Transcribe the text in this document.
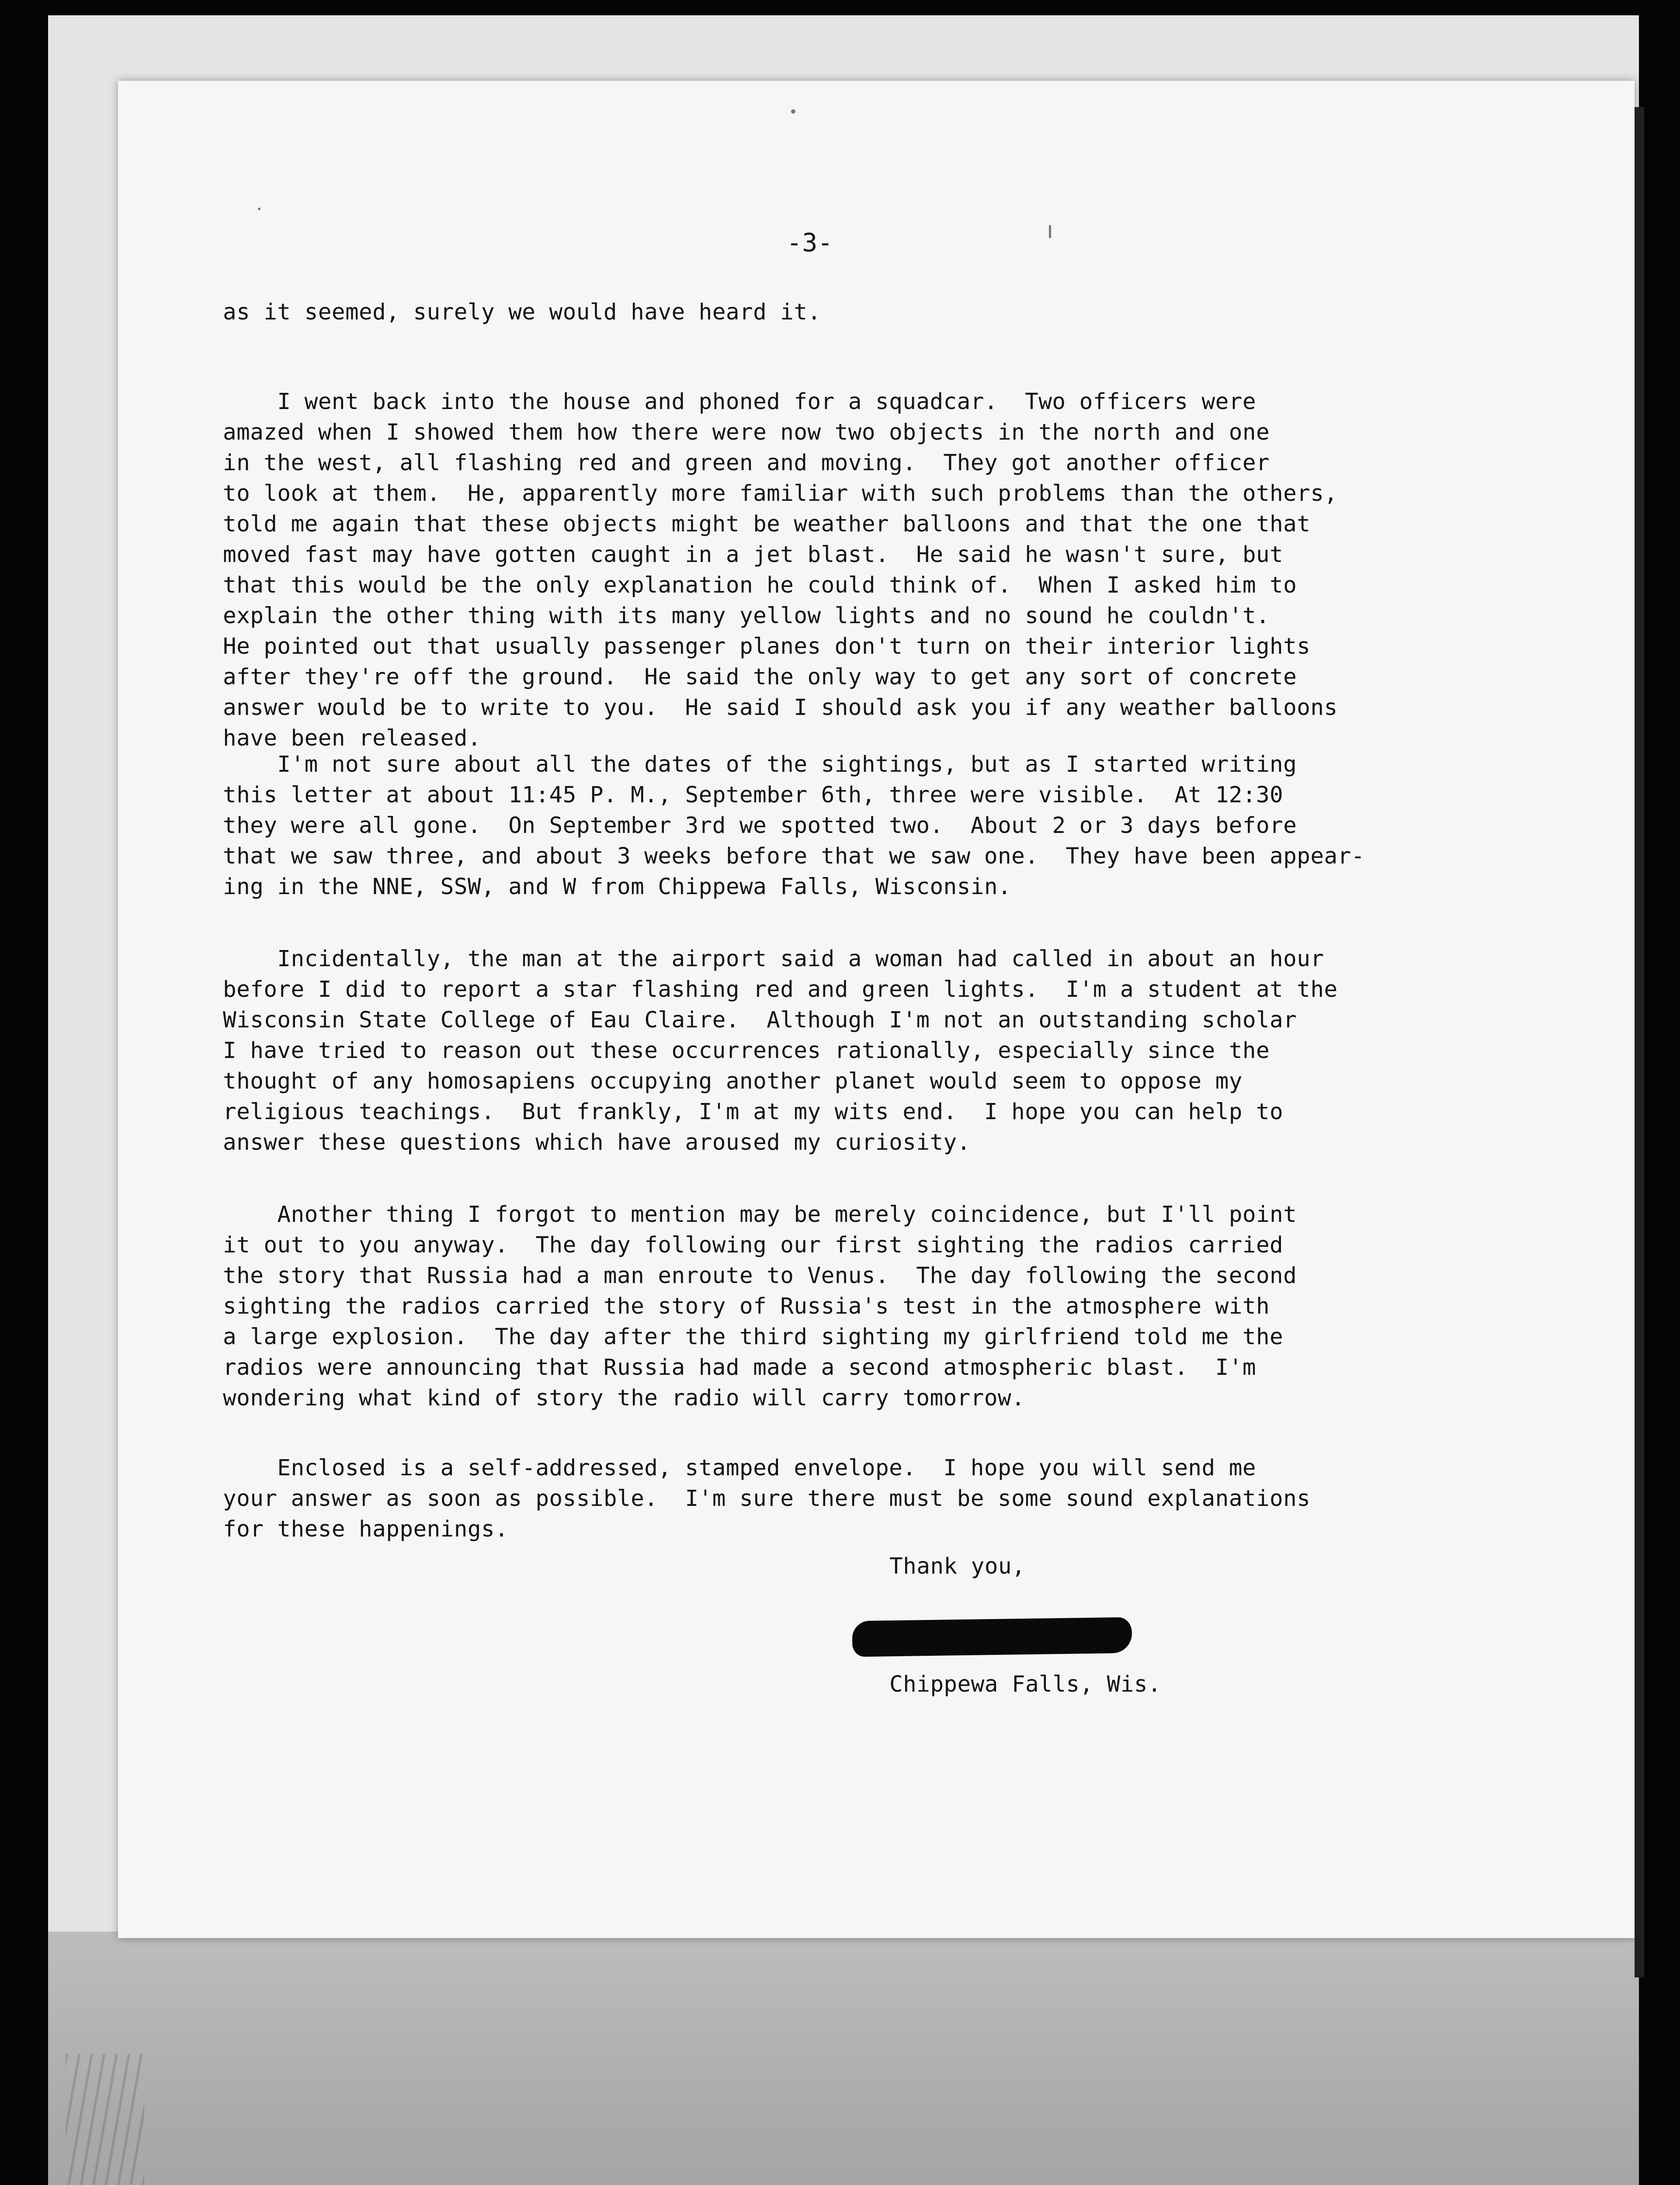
-3-

as it seemed, surely we would have heard it.

I went back into the house and phoned for a squadcar.  Two officers were
amazed when I showed them how there were now two objects in the north and one
in the west, all flashing red and green and moving.  They got another officer
to look at them.  He, apparently more familiar with such problems than the others,
told me again that these objects might be weather balloons and that the one that
moved fast may have gotten caught in a jet blast.  He said he wasn't sure, but
that this would be the only explanation he could think of.  When I asked him to
explain the other thing with its many yellow lights and no sound he couldn't.
He pointed out that usually passenger planes don't turn on their interior lights
after they're off the ground.  He said the only way to get any sort of concrete
answer would be to write to you.  He said I should ask you if any weather balloons
have been released.

I'm not sure about all the dates of the sightings, but as I started writing
this letter at about 11:45 P. M., September 6th, three were visible.  At 12:30
they were all gone.  On September 3rd we spotted two.  About 2 or 3 days before
that we saw three, and about 3 weeks before that we saw one.  They have been appear-
ing in the NNE, SSW, and W from Chippewa Falls, Wisconsin.

Incidentally, the man at the airport said a woman had called in about an hour
before I did to report a star flashing red and green lights.  I'm a student at the
Wisconsin State College of Eau Claire.  Although I'm not an outstanding scholar
I have tried to reason out these occurrences rationally, especially since the
thought of any homosapiens occupying another planet would seem to oppose my
religious teachings.  But frankly, I'm at my wits end.  I hope you can help to
answer these questions which have aroused my curiosity.

Another thing I forgot to mention may be merely coincidence, but I'll point
it out to you anyway.  The day following our first sighting the radios carried
the story that Russia had a man enroute to Venus.  The day following the second
sighting the radios carried the story of Russia's test in the atmosphere with
a large explosion.  The day after the third sighting my girlfriend told me the
radios were announcing that Russia had made a second atmospheric blast.  I'm
wondering what kind of story the radio will carry tomorrow.

Enclosed is a self-addressed, stamped envelope.  I hope you will send me
your answer as soon as possible.  I'm sure there must be some sound explanations
for these happenings.

Thank you,

Chippewa Falls, Wis.
